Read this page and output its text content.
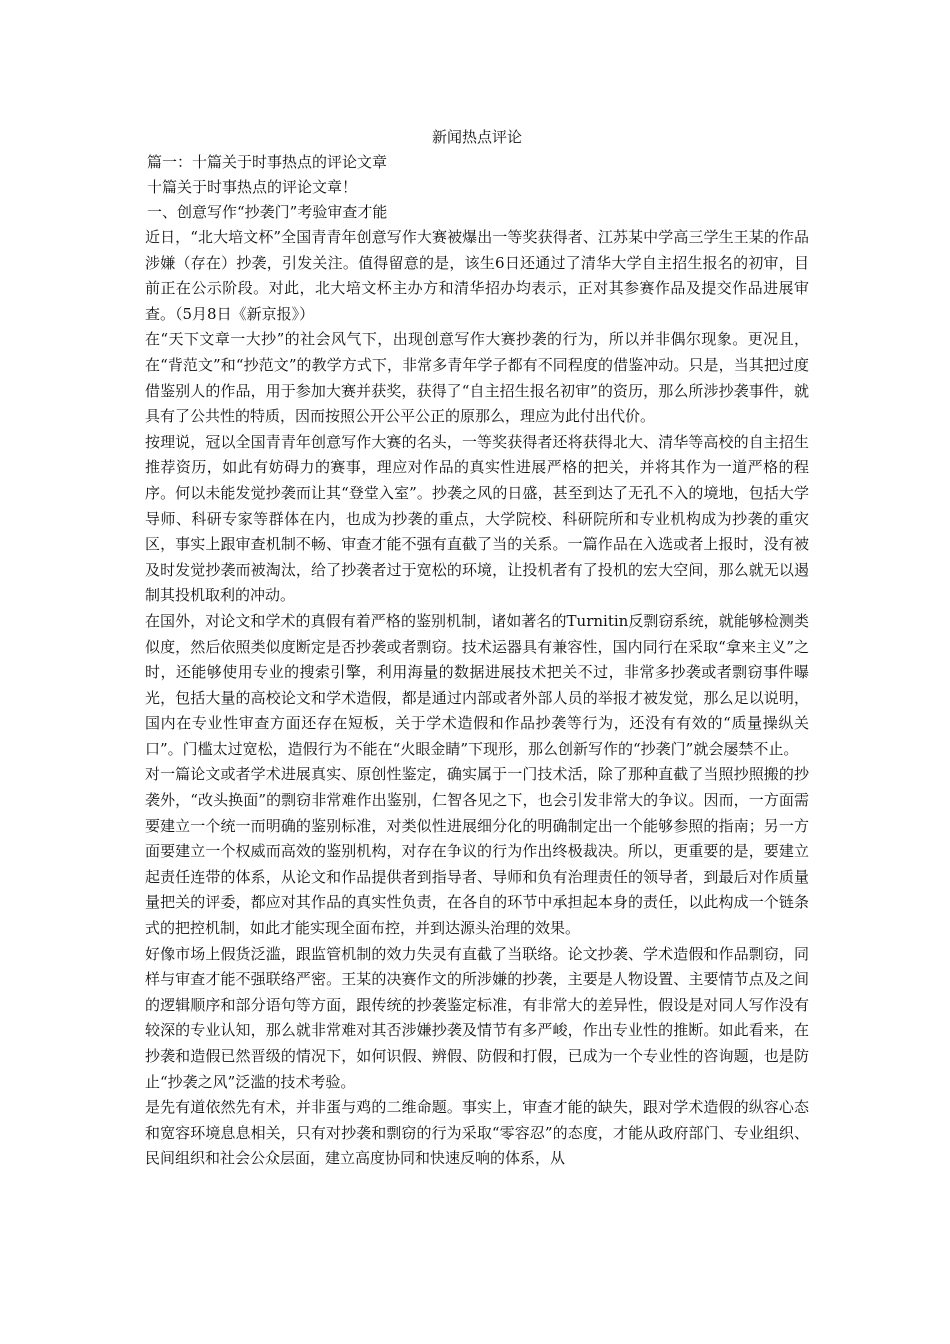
新闻热点评论

篇一：十篇关于时事热点的评论文章

十篇关于时事热点的评论文章！

一、创意写作“抄袭门”考验审查才能

近日，“北大培文杯”全国青青年创意写作大赛被爆出一等奖获得者、江苏某中学高三学生王某的作品涉嫌（存在）抄袭，引发关注。值得留意的是，该生6日还通过了清华大学自主招生报名的初审，目前正在公示阶段。对此，北大培文杯主办方和清华招办均表示，正对其参赛作品及提交作品进展审查。（5月8日《新京报》）

在“天下文章一大抄”的社会风气下，出现创意写作大赛抄袭的行为，所以并非偶尔现象。更况且，在“背范文”和“抄范文”的教学方式下，非常多青年学子都有不同程度的借鉴冲动。只是，当其把过度借鉴别人的作品，用于参加大赛并获奖，获得了“自主招生报名初审”的资历，那么所涉抄袭事件，就具有了公共性的特质，因而按照公开公平公正的原那么，理应为此付出代价。

按理说，冠以全国青青年创意写作大赛的名头，一等奖获得者还将获得北大、清华等高校的自主招生推荐资历，如此有妨碍力的赛事，理应对作品的真实性进展严格的把关，并将其作为一道严格的程序。何以未能发觉抄袭而让其“登堂入室”。抄袭之风的日盛，甚至到达了无孔不入的境地，包括大学导师、科研专家等群体在内，也成为抄袭的重点，大学院校、科研院所和专业机构成为抄袭的重灾区，事实上跟审查机制不畅、审查才能不强有直截了当的关系。一篇作品在入选或者上报时，没有被及时发觉抄袭而被淘汰，给了抄袭者过于宽松的环境，让投机者有了投机的宏大空间，那么就无以遏制其投机取利的冲动。

在国外，对论文和学术的真假有着严格的鉴别机制，诸如著名的Turnitin反剽窃系统，就能够检测类似度，然后依照类似度断定是否抄袭或者剽窃。技术运器具有兼容性，国内同行在采取“拿来主义”之时，还能够使用专业的搜索引擎，利用海量的数据进展技术把关不过，非常多抄袭或者剽窃事件曝光，包括大量的高校论文和学术造假，都是通过内部或者外部人员的举报才被发觉，那么足以说明，国内在专业性审查方面还存在短板，关于学术造假和作品抄袭等行为，还没有有效的“质量操纵关口”。门槛太过宽松，造假行为不能在“火眼金睛”下现形，那么创新写作的“抄袭门”就会屡禁不止。

对一篇论文或者学术进展真实、原创性鉴定，确实属于一门技术活，除了那种直截了当照抄照搬的抄袭外，“改头换面”的剽窃非常难作出鉴别，仁智各见之下，也会引发非常大的争议。因而，一方面需要建立一个统一而明确的鉴别标准，对类似性进展细分化的明确制定出一个能够参照的指南；另一方面要建立一个权威而高效的鉴别机构，对存在争议的行为作出终极裁决。所以，更重要的是，要建立起责任连带的体系，从论文和作品提供者到指导者、导师和负有治理责任的领导者，到最后对作质量量把关的评委，都应对其作品的真实性负责，在各自的环节中承担起本身的责任，以此构成一个链条式的把控机制，如此才能实现全面布控，并到达源头治理的效果。

好像市场上假货泛滥，跟监管机制的效力失灵有直截了当联络。论文抄袭、学术造假和作品剽窃，同样与审查才能不强联络严密。王某的决赛作文的所涉嫌的抄袭，主要是人物设置、主要情节点及之间的逻辑顺序和部分语句等方面，跟传统的抄袭鉴定标准，有非常大的差异性，假设是对同人写作没有较深的专业认知，那么就非常难对其否涉嫌抄袭及情节有多严峻，作出专业性的推断。如此看来，在抄袭和造假已然晋级的情况下，如何识假、辨假、防假和打假，已成为一个专业性的咨询题，也是防止“抄袭之风”泛滥的技术考验。

是先有道依然先有术，并非蛋与鸡的二维命题。事实上，审查才能的缺失，跟对学术造假的纵容心态和宽容环境息息相关，只有对抄袭和剽窃的行为采取“零容忍”的态度，才能从政府部门、专业组织、民间组织和社会公众层面，建立高度协同和快速反响的体系，从
